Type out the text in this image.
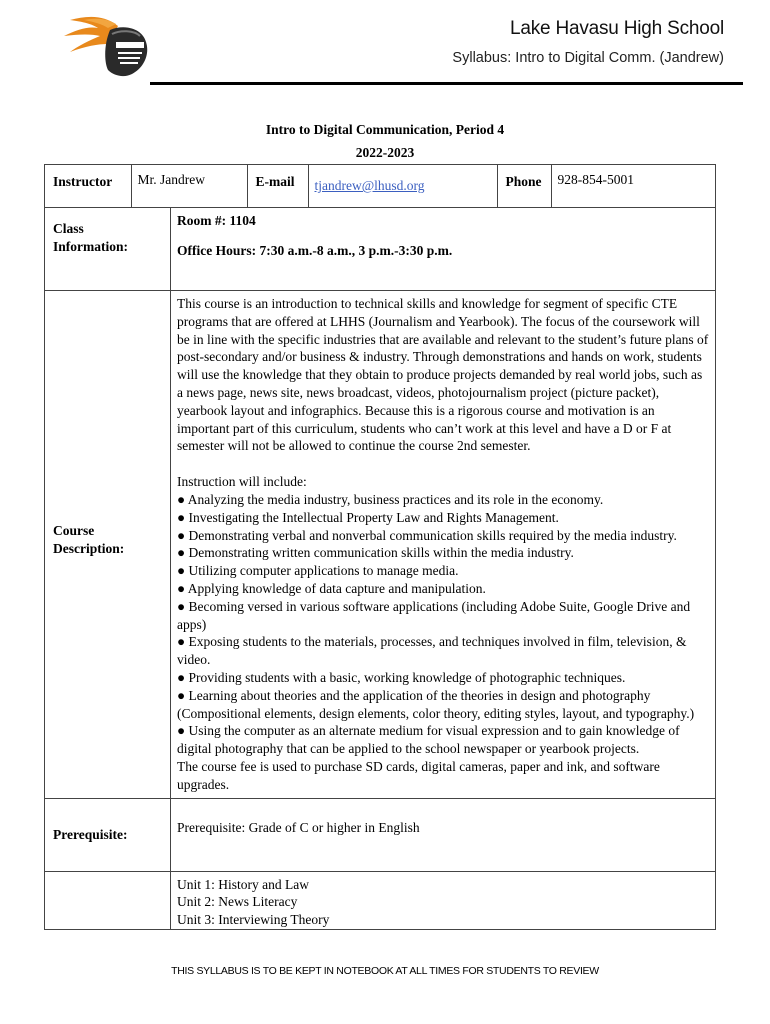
Lake Havasu High School
Syllabus: Intro to Digital Comm. (Jandrew)
Intro to Digital Communication, Period 4
2022-2023
Instructor	Mr. Jandrew	E-mail	tjandrew@lhusd.org	Phone	928-854-5001

Class Information:	
Room #: 1104
Office Hours: 7:30 a.m.-8 a.m., 3 p.m.-3:30 p.m.

Course Description:	

This course is an introduction to technical skills and knowledge for segment of specific CTE programs that are offered at LHHS (Journalism and Yearbook). The focus of the coursework will be in line with the specific industries that are available and relevant to the student’s future plans of post-secondary and/or business & industry. Through demonstrations and hands on work, students will use the knowledge that they obtain to produce projects demanded by real world jobs, such as a news page, news site, news broadcast, videos, photojournalism project (picture packet), yearbook layout and infographics. Because this is a rigorous course and motivation is an important part of this curriculum, students who can’t work at this level and have a D or F at semester will not be allowed to continue the course 2nd semester.

Instruction will include:

● Analyzing the media industry, business practices and its role in the economy.

● Investigating the Intellectual Property Law and Rights Management.

● Demonstrating verbal and nonverbal communication skills required by the media industry.

● Demonstrating written communication skills within the media industry.

● Utilizing computer applications to manage media.

● Applying knowledge of data capture and manipulation.

● Becoming versed in various software applications (including Adobe Suite, Google Drive and apps)

● Exposing students to the materials, processes, and techniques involved in film, television, & video.

● Providing students with a basic, working knowledge of photographic techniques.

● Learning about theories and the application of the theories in design and photography (Compositional elements, design elements, color theory, editing styles, layout, and typography.)

● Using the computer as an alternate medium for visual expression and to gain knowledge of digital photography that can be applied to the school newspaper or yearbook projects.

The course fee is used to purchase SD cards, digital cameras, paper and ink, and software upgrades.

Prerequisite:	Prerequisite: Grade of C or higher in English

Unit 1: History and Law
Unit 2: News Literacy
Unit 3: Interviewing Theory
THIS SYLLABUS IS TO BE KEPT IN NOTEBOOK AT ALL TIMES FOR STUDENTS TO REVIEW
